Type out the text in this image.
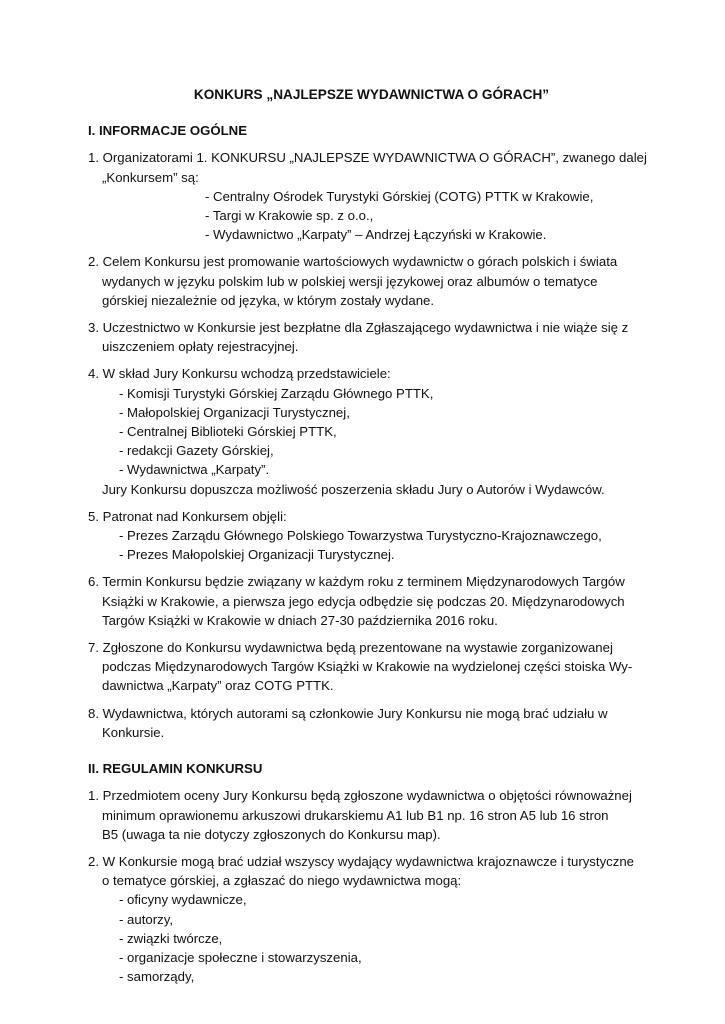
KONKURS „NAJLEPSZE WYDAWNICTWA O GÓRACH”
I. INFORMACJE OGÓLNE
1. Organizatorami 1. KONKURSU „NAJLEPSZE WYDAWNICTWA O GÓRACH”, zwanego dalej
„Konkursem” są:
- Centralny Ośrodek Turystyki Górskiej (COTG) PTTK w Krakowie,
- Targi w Krakowie sp. z o.o.,
- Wydawnictwo „Karpaty” – Andrzej Łączyński w Krakowie.
2. Celem Konkursu jest promowanie wartościowych wydawnictw o górach polskich i świata
wydanych w języku polskim lub w polskiej wersji językowej oraz albumów o tematyce
górskiej niezależnie od języka, w którym zostały wydane.
3. Uczestnictwo w Konkursie jest bezpłatne dla Zgłaszającego wydawnictwa i nie wiąże się z
uiszczeniem opłaty rejestracyjnej.
4. W skład Jury Konkursu wchodzą przedstawiciele:
- Komisji Turystyki Górskiej Zarządu Głównego PTTK,
- Małopolskiej Organizacji Turystycznej,
- Centralnej Biblioteki Górskiej PTTK,
- redakcji Gazety Górskiej,
- Wydawnictwa „Karpaty”.
Jury Konkursu dopuszcza możliwość poszerzenia składu Jury o Autorów i Wydawców.
5. Patronat nad Konkursem objęli:
- Prezes Zarządu Głównego Polskiego Towarzystwa Turystyczno-Krajoznawczego,
- Prezes Małopolskiej Organizacji Turystycznej.
6. Termin Konkursu będzie związany w każdym roku z terminem Międzynarodowych Targów
Książki w Krakowie, a pierwsza jego edycja odbędzie się podczas 20. Międzynarodowych
Targów Książki w Krakowie w dniach 27-30 października 2016 roku.
7. Zgłoszone do Konkursu wydawnictwa będą prezentowane na wystawie zorganizowanej
podczas Międzynarodowych Targów Książki w Krakowie na wydzielonej części stoiska Wy-
dawnictwa „Karpaty” oraz COTG PTTK.
8. Wydawnictwa, których autorami są członkowie Jury Konkursu nie mogą brać udziału w
Konkursie.
II. REGULAMIN KONKURSU
1. Przedmiotem oceny Jury Konkursu będą zgłoszone wydawnictwa o objętości równoważnej
minimum oprawionemu arkuszowi drukarskiemu A1 lub B1 np. 16 stron A5 lub 16 stron
B5 (uwaga ta nie dotyczy zgłoszonych do Konkursu map).
2. W Konkursie mogą brać udział wszyscy wydający wydawnictwa krajoznawcze i turystyczne
o tematyce górskiej, a zgłaszać do niego wydawnictwa mogą:
- oficyny wydawnicze,
- autorzy,
- związki twórcze,
- organizacje społeczne i stowarzyszenia,
- samorządy,
